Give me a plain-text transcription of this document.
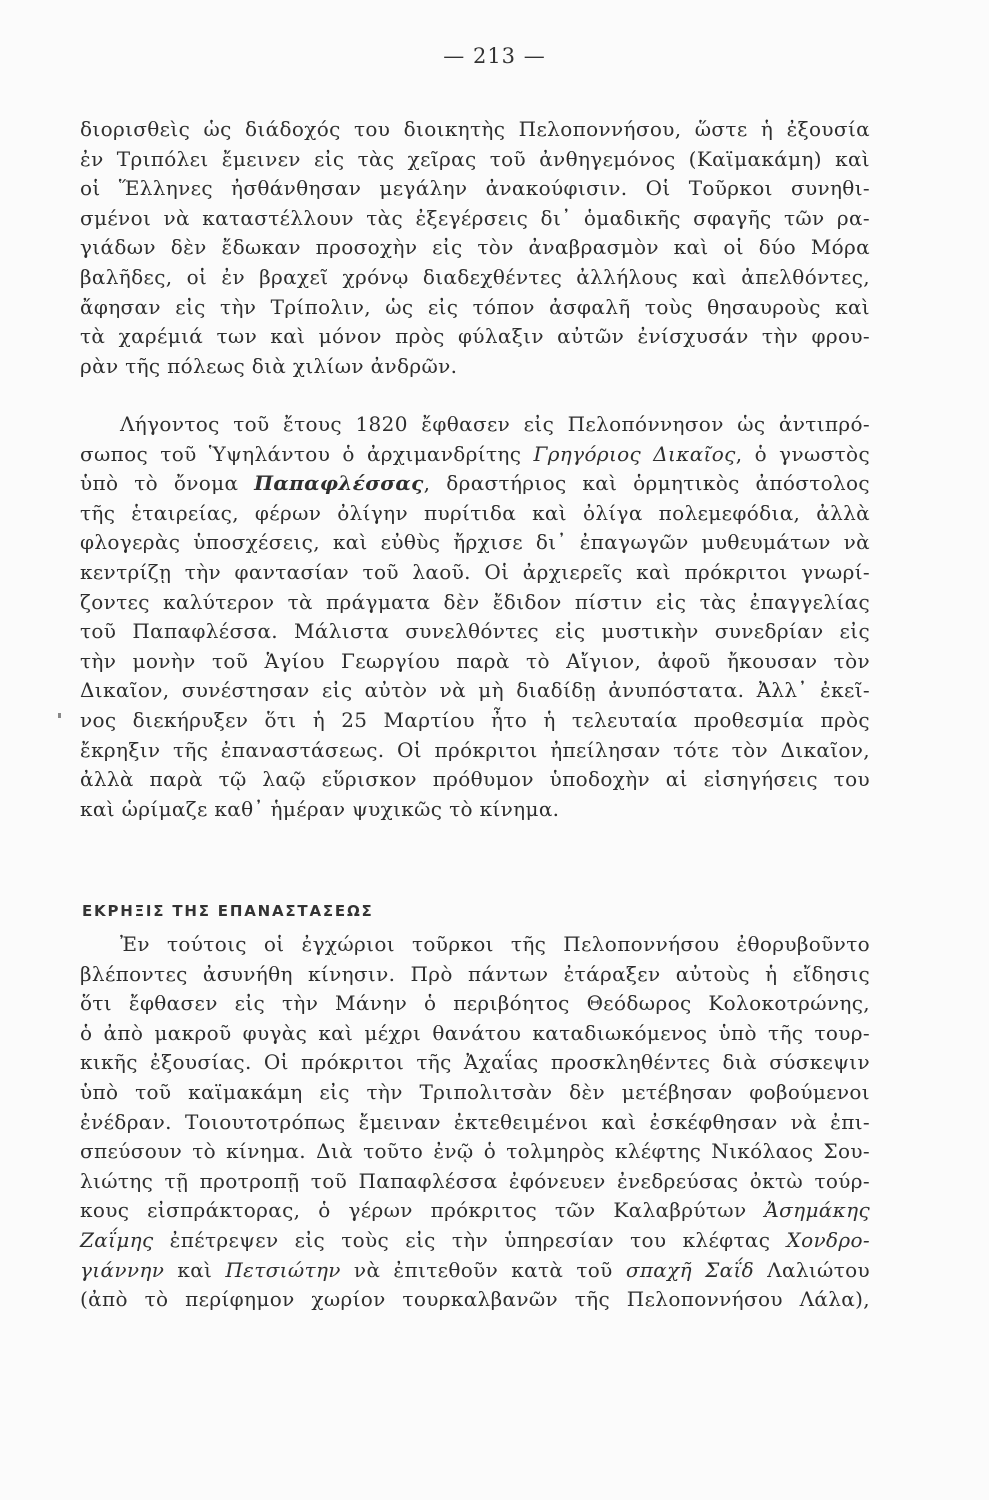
— 213 —
διορισθεὶς ὡς διάδοχός του διοικητὴς Πελοποννήσου, ὥστε ἡ ἐξουσία
ἐν Τριπόλει ἔμεινεν εἰς τὰς χεῖρας τοῦ ἀνθηγεμόνος (Καϊμακάμη) καὶ
οἱ Ἕλληνες ἠσθάνθησαν μεγάλην ἀνακούφισιν. Οἱ Τοῦρκοι συνηθι-
σμένοι νὰ καταστέλλουν τὰς ἐξεγέρσεις δι᾽ ὁμαδικῆς σφαγῆς τῶν ρα-
γιάδων δὲν ἔδωκαν προσοχὴν εἰς τὸν ἀναβρασμὸν καὶ οἱ δύο Μόρα
βαλῆδες, οἱ ἐν βραχεῖ χρόνῳ διαδεχθέντες ἀλλήλους καὶ ἀπελθόντες,
ἄφησαν εἰς τὴν Τρίπολιν, ὡς εἰς τόπον ἀσφαλῆ τοὺς θησαυροὺς καὶ
τὰ χαρέμιά των καὶ μόνον πρὸς φύλαξιν αὐτῶν ἐνίσχυσάν τὴν φρου-
ρὰν τῆς πόλεως διὰ χιλίων ἀνδρῶν.
Λήγοντος τοῦ ἔτους 1820 ἔφθασεν εἰς Πελοπόννησον ὡς ἀντιπρό-
σωπος τοῦ Ὑψηλάντου ὁ ἀρχιμανδρίτης Γρηγόριος Δικαῖος, ὁ γνωστὸς
ὑπὸ τὸ ὄνομα Παπαφλέσσας, δραστήριος καὶ ὁρμητικὸς ἀπόστολος
τῆς ἑταιρείας, φέρων ὀλίγην πυρίτιδα καὶ ὀλίγα πολεμεφόδια, ἀλλὰ
φλογερὰς ὑποσχέσεις, καὶ εὐθὺς ἤρχισε δι᾽ ἐπαγωγῶν μυθευμάτων νὰ
κεντρίζῃ τὴν φαντασίαν τοῦ λαοῦ. Οἱ ἀρχιερεῖς καὶ πρόκριτοι γνωρί-
ζοντες καλύτερον τὰ πράγματα δὲν ἔδιδον πίστιν εἰς τὰς ἐπαγγελίας
τοῦ Παπαφλέσσα. Μάλιστα συνελθόντες εἰς μυστικὴν συνεδρίαν εἰς
τὴν μονὴν τοῦ Ἁγίου Γεωργίου παρὰ τὸ Αἴγιον, ἀφοῦ ἤκουσαν τὸν
Δικαῖον, συνέστησαν εἰς αὐτὸν νὰ μὴ διαδίδῃ ἀνυπόστατα. Ἀλλ᾽ ἐκεῖ-
νος διεκήρυξεν ὅτι ἡ 25 Μαρτίου ἦτο ἡ τελευταία προθεσμία πρὸς
ἔκρηξιν τῆς ἐπαναστάσεως. Οἱ πρόκριτοι ἠπείλησαν τότε τὸν Δικαῖον,
ἀλλὰ παρὰ τῷ λαῷ εὕρισκον πρόθυμον ὑποδοχὴν αἱ εἰσηγήσεις του
καὶ ὡρίμαζε καθ᾽ ἡμέραν ψυχικῶς τὸ κίνημα.
ΕΚΡΗΞΙΣ ΤΗΣ ΕΠΑΝΑΣΤΑΣΕΩΣ
Ἐν τούτοις οἱ ἐγχώριοι τοῦρκοι τῆς Πελοποννήσου ἐθορυβοῦντο
βλέποντες ἀσυνήθη κίνησιν. Πρὸ πάντων ἐτάραξεν αὐτοὺς ἡ εἴδησις
ὅτι ἔφθασεν εἰς τὴν Μάνην ὁ περιβόητος Θεόδωρος Κολοκοτρώνης,
ὁ ἀπὸ μακροῦ φυγὰς καὶ μέχρι θανάτου καταδιωκόμενος ὑπὸ τῆς τουρ-
κικῆς ἐξουσίας. Οἱ πρόκριτοι τῆς Ἀχαΐας προσκληθέντες διὰ σύσκεψιν
ὑπὸ τοῦ καϊμακάμη εἰς τὴν Τριπολιτσὰν δὲν μετέβησαν φοβούμενοι
ἐνέδραν. Τοιουτοτρόπως ἔμειναν ἐκτεθειμένοι καὶ ἐσκέφθησαν νὰ ἐπι-
σπεύσουν τὸ κίνημα. Διὰ τοῦτο ἐνῷ ὁ τολμηρὸς κλέφτης Νικόλαος Σου-
λιώτης τῇ προτροπῇ τοῦ Παπαφλέσσα ἐφόνευεν ἐνεδρεύσας ὀκτὼ τούρ-
κους εἰσπράκτορας, ὁ γέρων πρόκριτος τῶν Καλαβρύτων Ἀσημάκης
Ζαΐμης ἐπέτρεψεν εἰς τοὺς εἰς τὴν ὑπηρεσίαν του κλέφτας Χονδρο-
γιάννην καὶ Πετσιώτην νὰ ἐπιτεθοῦν κατὰ τοῦ σπαχῆ Σαΐδ Λαλιώτου
(ἀπὸ τὸ περίφημον χωρίον τουρκαλβανῶν τῆς Πελοποννήσου Λάλα),
